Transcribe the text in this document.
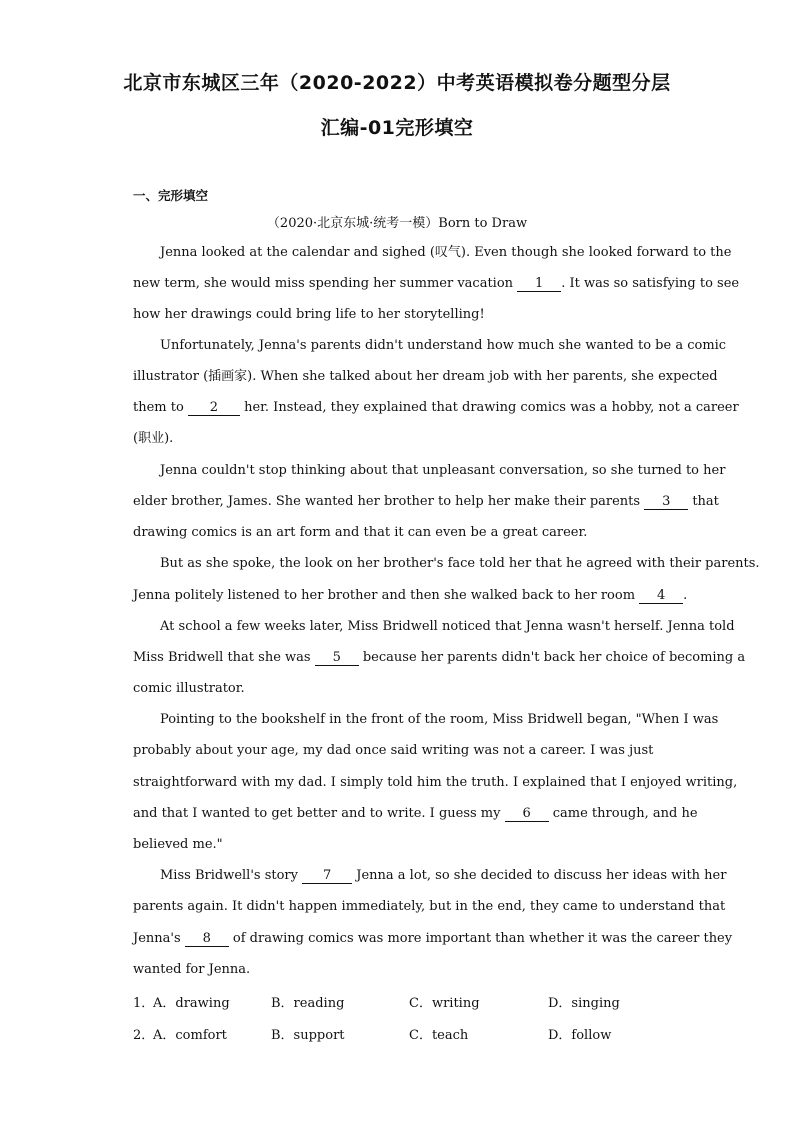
北京市东城区三年（2020-2022）中考英语模拟卷分题型分层
汇编-01完形填空
一、完形填空
（2020·北京东城·统考一模）Born to Draw
Jenna looked at the calendar and sighed (叹气). Even though she looked forward to the
new term, she would miss spending her summer vacation 1 . It was so satisfying to see
how her drawings could bring life to her storytelling!
Unfortunately, Jenna's parents didn't understand how much she wanted to be a comic
illustrator (插画家). When she talked about her dream job with her parents, she expected
them to 2 her. Instead, they explained that drawing comics was a hobby, not a career
(职业).
Jenna couldn't stop thinking about that unpleasant conversation, so she turned to her
elder brother, James. She wanted her brother to help her make their parents 3 that
drawing comics is an art form and that it can even be a great career.
But as she spoke, the look on her brother's face told her that he agreed with their parents.
Jenna politely listened to her brother and then she walked back to her room 4 .
At school a few weeks later, Miss Bridwell noticed that Jenna wasn't herself. Jenna told
Miss Bridwell that she was 5 because her parents didn't back her choice of becoming a
comic illustrator.
Pointing to the bookshelf in the front of the room, Miss Bridwell began, "When I was
probably about your age, my dad once said writing was not a career. I was just
straightforward with my dad. I simply told him the truth. I explained that I enjoyed writing,
and that I wanted to get better and to write. I guess my 6 came through, and he
believed me."
Miss Bridwell's story 7 Jenna a lot, so she decided to discuss her ideas with her
parents again. It didn't happen immediately, but in the end, they came to understand that
Jenna's 8 of drawing comics was more important than whether it was the career they
wanted for Jenna.
1．
A．drawing	B．reading	C．writing	D．singing
2．
A．comfort	B．support	C．teach	D．follow
